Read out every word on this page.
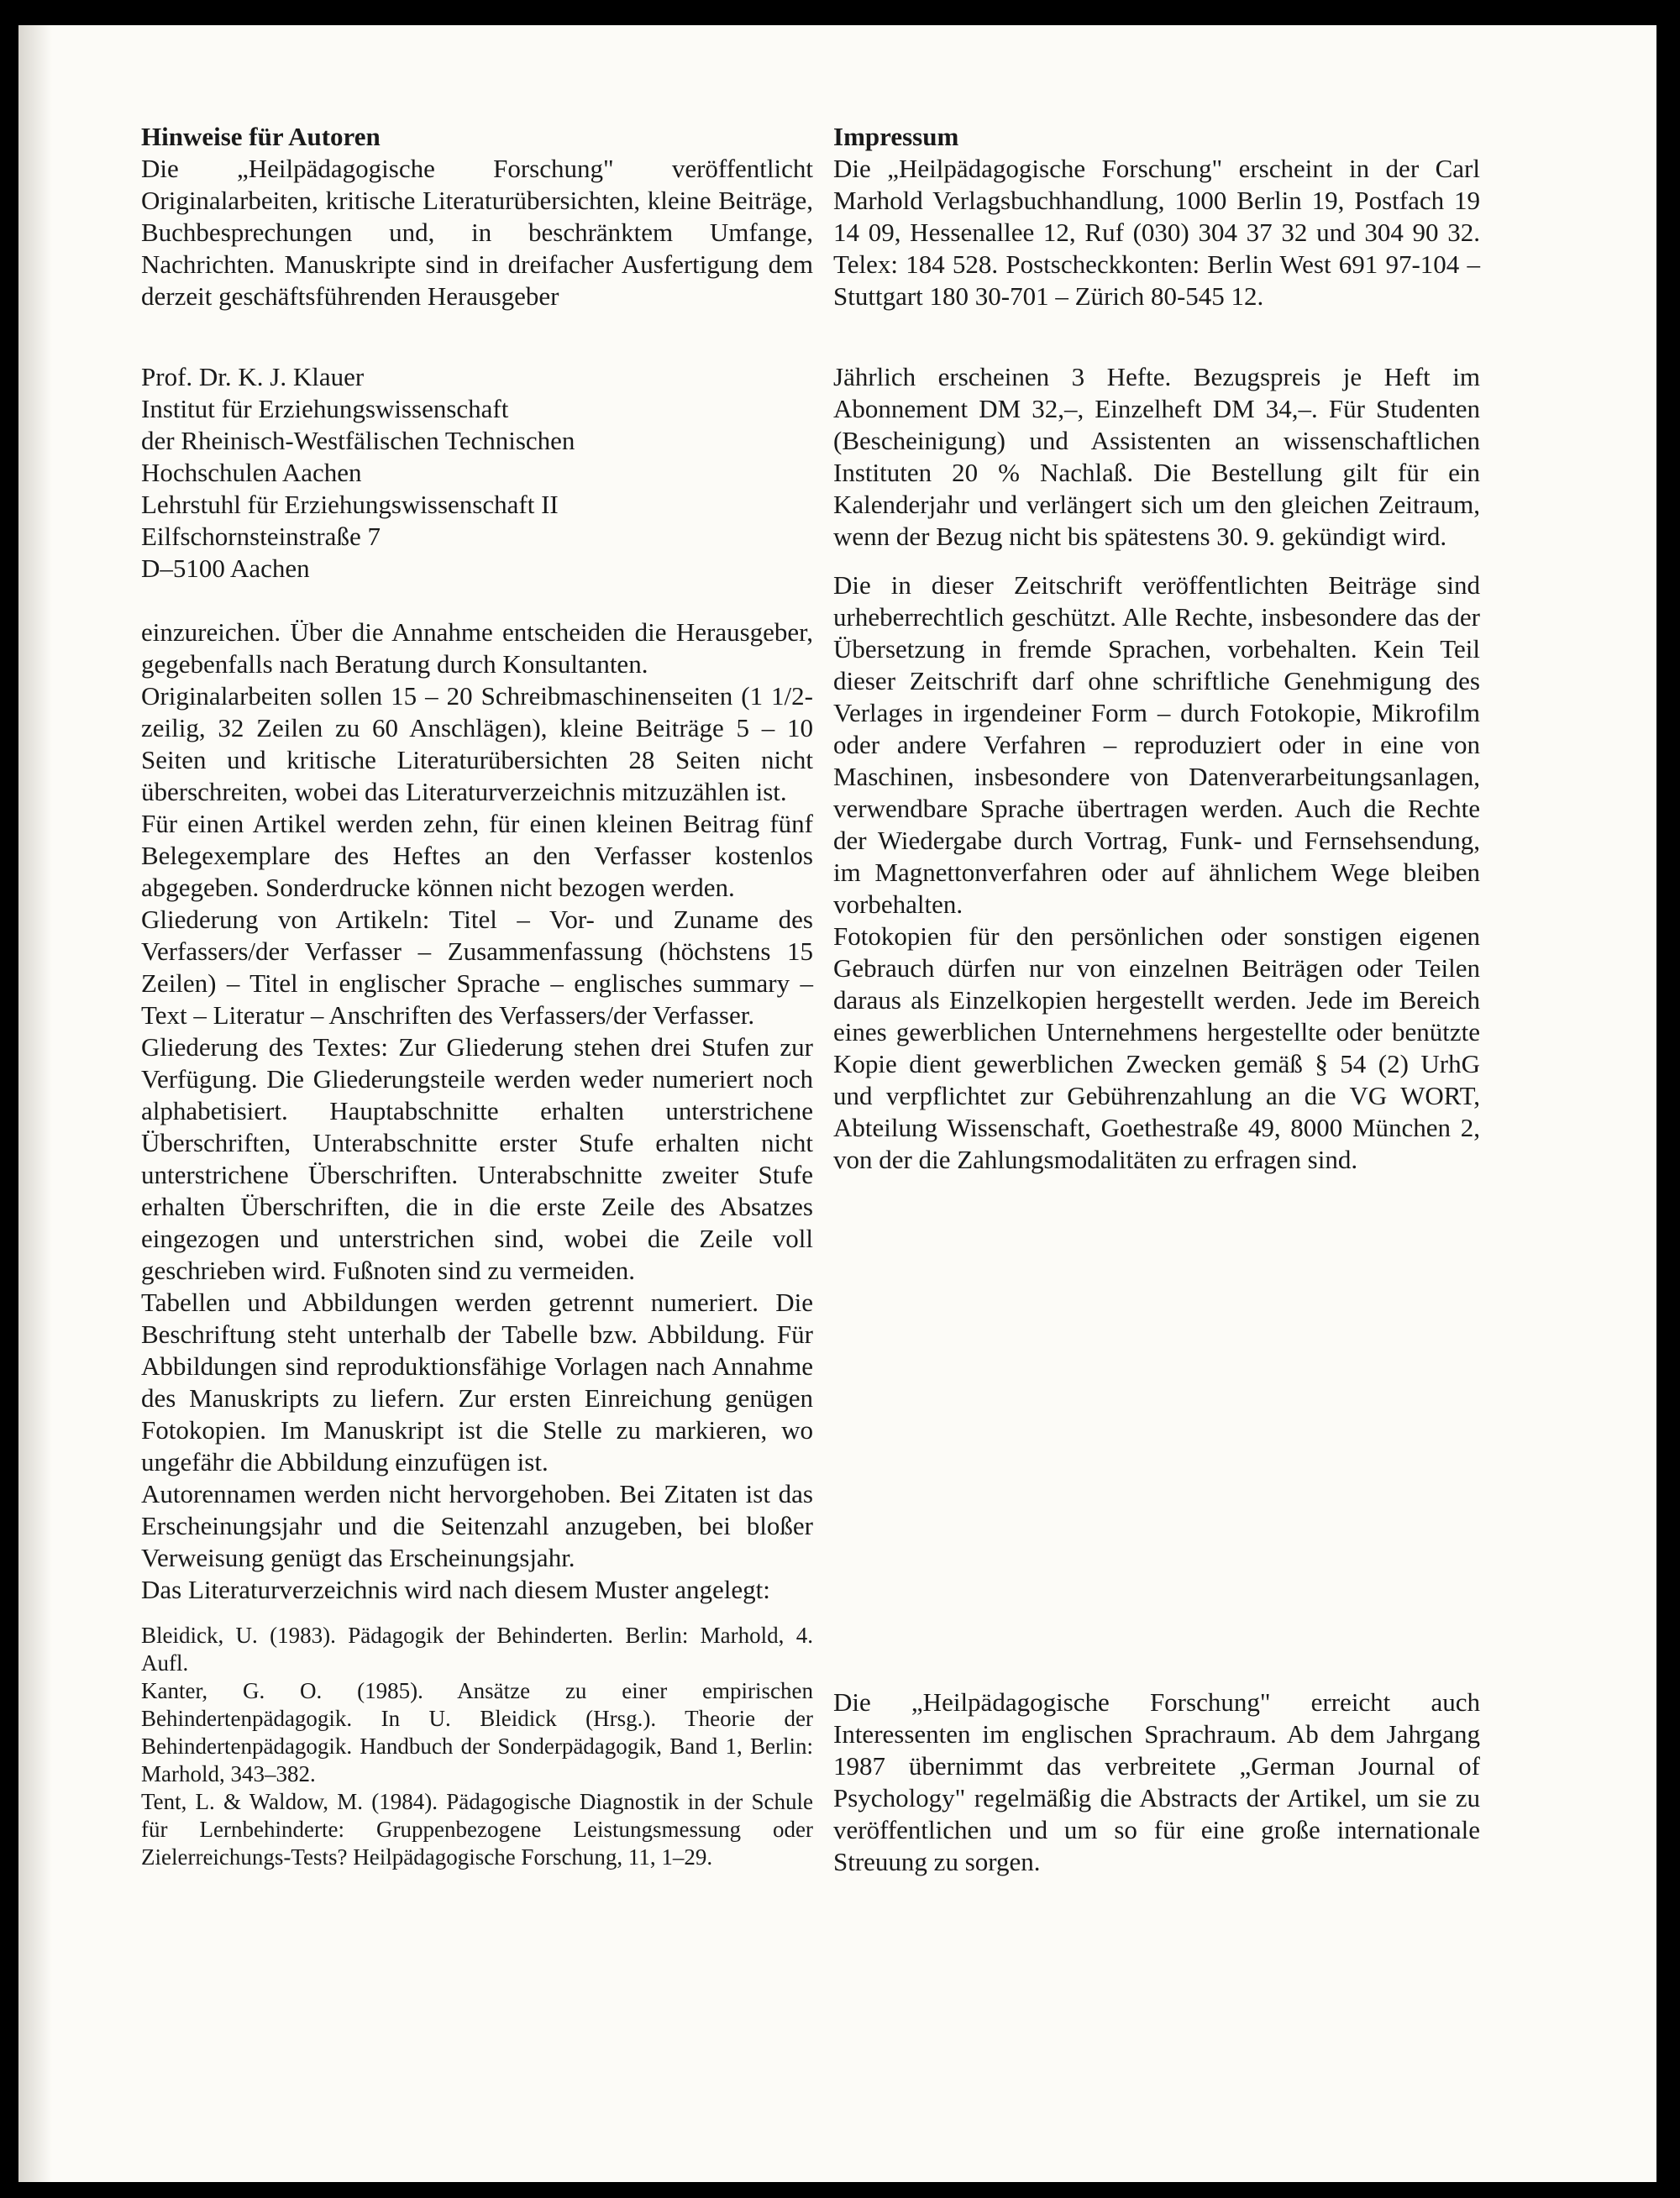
Hinweise für Autoren

Die „Heilpädagogische Forschung" veröffentlicht Originalarbeiten, kritische Literaturübersichten, kleine Beiträge, Buchbesprechungen und, in beschränktem Umfange, Nachrichten. Manuskripte sind in dreifacher Ausfertigung dem derzeit geschäftsführenden Herausgeber

Prof. Dr. K. J. Klauer

Institut für Erziehungswissenschaft

der Rheinisch-Westfälischen Technischen

Hochschulen Aachen

Lehrstuhl für Erziehungswissenschaft II

Eilfschornsteinstraße 7

D–5100 Aachen

einzureichen. Über die Annahme entscheiden die Herausgeber, gegebenfalls nach Beratung durch Konsultanten.

Originalarbeiten sollen 15 – 20 Schreibmaschinenseiten (1 1/2-zeilig, 32 Zeilen zu 60 Anschlägen), kleine Beiträge 5 – 10 Seiten und kritische Literaturübersichten 28 Seiten nicht überschreiten, wobei das Literaturverzeichnis mitzuzählen ist.

Für einen Artikel werden zehn, für einen kleinen Beitrag fünf Belegexemplare des Heftes an den Verfasser kostenlos abgegeben. Sonderdrucke können nicht bezogen werden.

Gliederung von Artikeln: Titel – Vor- und Zuname des Verfassers/der Verfasser – Zusammenfassung (höchstens 15 Zeilen) – Titel in englischer Sprache – englisches summary – Text – Literatur – Anschriften des Verfassers/der Verfasser.

Gliederung des Textes: Zur Gliederung stehen drei Stufen zur Verfügung. Die Gliederungsteile werden weder numeriert noch alphabetisiert. Hauptabschnitte erhalten unterstrichene Überschriften, Unterabschnitte erster Stufe erhalten nicht unterstrichene Überschriften. Unterabschnitte zweiter Stufe erhalten Überschriften, die in die erste Zeile des Absatzes eingezogen und unterstrichen sind, wobei die Zeile voll geschrieben wird. Fußnoten sind zu vermeiden.

Tabellen und Abbildungen werden getrennt numeriert. Die Beschriftung steht unterhalb der Tabelle bzw. Abbildung. Für Abbildungen sind reproduktionsfähige Vorlagen nach Annahme des Manuskripts zu liefern. Zur ersten Einreichung genügen Fotokopien. Im Manuskript ist die Stelle zu markieren, wo ungefähr die Abbildung einzufügen ist.

Autorennamen werden nicht hervorgehoben. Bei Zitaten ist das Erscheinungsjahr und die Seitenzahl anzugeben, bei bloßer Verweisung genügt das Erscheinungsjahr.

Das Literaturverzeichnis wird nach diesem Muster angelegt:

Bleidick, U. (1983). Pädagogik der Behinderten. Berlin: Marhold, 4. Aufl.

Kanter, G. O. (1985). Ansätze zu einer empirischen Behindertenpädagogik. In U. Bleidick (Hrsg.). Theorie der Behindertenpädagogik. Handbuch der Sonderpädagogik, Band 1, Berlin: Marhold, 343–382.

Tent, L. & Waldow, M. (1984). Pädagogische Diagnostik in der Schule für Lernbehinderte: Gruppenbezogene Leistungsmessung oder Zielerreichungs-Tests? Heilpädagogische Forschung, 11, 1–29.

Impressum

Die „Heilpädagogische Forschung" erscheint in der Carl Marhold Verlagsbuchhandlung, 1000 Berlin 19, Postfach 19 14 09, Hessenallee 12, Ruf (030) 304 37 32 und 304 90 32. Telex: 184 528. Postscheckkonten: Berlin West 691 97-104 – Stuttgart 180 30-701 – Zürich 80-545 12.

Jährlich erscheinen 3 Hefte. Bezugspreis je Heft im Abonnement DM 32,–, Einzelheft DM 34,–. Für Studenten (Bescheinigung) und Assistenten an wissenschaftlichen Instituten 20 % Nachlaß. Die Bestellung gilt für ein Kalenderjahr und verlängert sich um den gleichen Zeitraum, wenn der Bezug nicht bis spätestens 30. 9. gekündigt wird.

Die in dieser Zeitschrift veröffentlichten Beiträge sind urheberrechtlich geschützt. Alle Rechte, insbesondere das der Übersetzung in fremde Sprachen, vorbehalten. Kein Teil dieser Zeitschrift darf ohne schriftliche Genehmigung des Verlages in irgendeiner Form – durch Fotokopie, Mikrofilm oder andere Verfahren – reproduziert oder in eine von Maschinen, insbesondere von Datenverarbeitungsanlagen, verwendbare Sprache übertragen werden. Auch die Rechte der Wiedergabe durch Vortrag, Funk- und Fernsehsendung, im Magnettonverfahren oder auf ähnlichem Wege bleiben vorbehalten.

Fotokopien für den persönlichen oder sonstigen eigenen Gebrauch dürfen nur von einzelnen Beiträgen oder Teilen daraus als Einzelkopien hergestellt werden. Jede im Bereich eines gewerblichen Unternehmens hergestellte oder benützte Kopie dient gewerblichen Zwecken gemäß § 54 (2) UrhG und verpflichtet zur Gebührenzahlung an die VG WORT, Abteilung Wissenschaft, Goethestraße 49, 8000 München 2, von der die Zahlungsmodalitäten zu erfragen sind.

Die „Heilpädagogische Forschung" erreicht auch Interessenten im englischen Sprachraum. Ab dem Jahrgang 1987 übernimmt das verbreitete „German Journal of Psychology" regelmäßig die Abstracts der Artikel, um sie zu veröffentlichen und um so für eine große internationale Streuung zu sorgen.
